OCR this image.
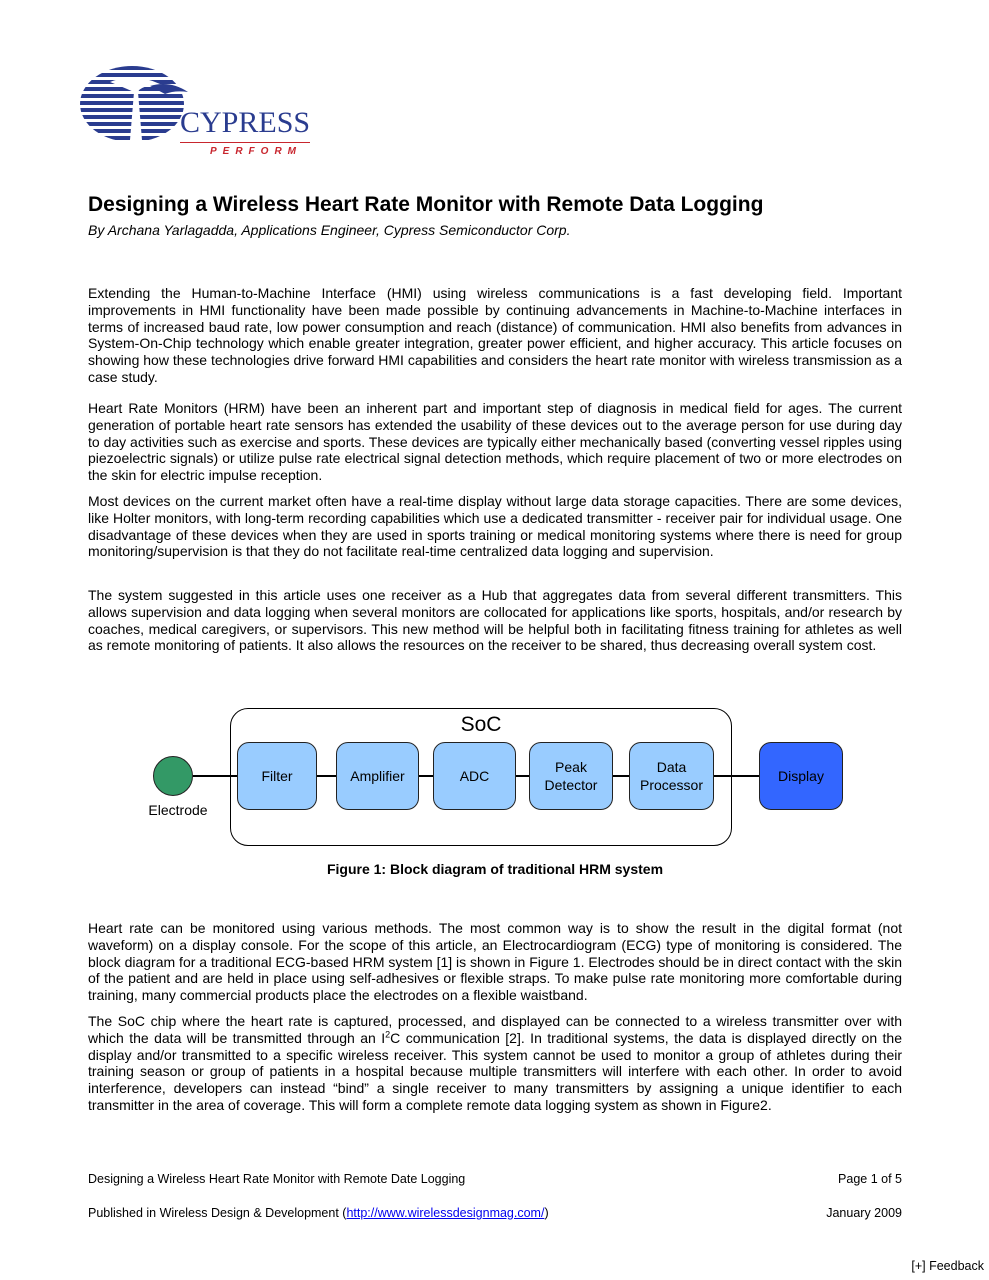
CYPRESS
PERFORM
Designing a Wireless Heart Rate Monitor with Remote Data Logging
By Archana Yarlagadda, Applications Engineer, Cypress Semiconductor Corp.

Extending the Human-to-Machine Interface (HMI) using wireless communications is a fast developing field. Important improvements in HMI functionality have been made possible by continuing advancements in Machine-to-Machine interfaces in terms of increased baud rate, low power consumption and reach (distance) of communication. HMI also benefits from advances in System-On-Chip technology which enable greater integration, greater power efficient, and higher accuracy. This article focuses on showing how these technologies drive forward HMI capabilities and considers the heart rate monitor with wireless transmission as a case study.

Heart Rate Monitors (HRM) have been an inherent part and important step of diagnosis in medical field for ages. The current generation of portable heart rate sensors has extended the usability of these devices out to the average person for use during day to day activities such as exercise and sports. These devices are typically either mechanically based (converting vessel ripples using piezoelectric signals) or utilize pulse rate electrical signal detection methods, which require placement of two or more electrodes on the skin for electric impulse reception.

Most devices on the current market often have a real-time display without large data storage capacities. There are some devices, like Holter monitors, with long-term recording capabilities which use a dedicated transmitter - receiver pair for individual usage. One disadvantage of these devices when they are used in sports training or medical monitoring systems where there is need for group monitoring/supervision is that they do not facilitate real-time centralized data logging and supervision.

The system suggested in this article uses one receiver as a Hub that aggregates data from several different transmitters. This allows supervision and data logging when several monitors are collocated for applications like sports, hospitals, and/or research by coaches, medical caregivers, or supervisors. This new method will be helpful both in facilitating fitness training for athletes as well as remote monitoring of patients. It also allows the resources on the receiver to be shared, thus decreasing overall system cost.

SoC
Electrode
Filter	Amplifier	ADC
Peak
Detector
Data
Processor
Display
Figure 1: Block diagram of traditional HRM system

Heart rate can be monitored using various methods. The most common way is to show the result in the digital format (not waveform) on a display console. For the scope of this article, an Electrocardiogram (ECG) type of monitoring is considered. The block diagram for a traditional ECG-based HRM system [1] is shown in Figure 1. Electrodes should be in direct contact with the skin of the patient and are held in place using self-adhesives or flexible straps. To make pulse rate monitoring more comfortable during training, many commercial products place the electrodes on a flexible waistband.

The SoC chip where the heart rate is captured, processed, and displayed can be connected to a wireless transmitter over with which the data will be transmitted through an $I^2C$ communication [2]. In traditional systems, the data is displayed directly on the display and/or transmitted to a specific wireless receiver. This system cannot be used to monitor a group of athletes during their training season or group of patients in a hospital because multiple transmitters will interfere with each other. In order to avoid interference, developers can instead “bind” a single receiver to many transmitters by assigning a unique identifier to each transmitter in the area of coverage. This will form a complete remote data logging system as shown in Figure2.

Designing a Wireless Heart Rate Monitor with Remote Date Logging	Page 1 of 5
Published in Wireless Design & Development (http://www.wirelessdesignmag.com/)	January 2009
[+] Feedback
